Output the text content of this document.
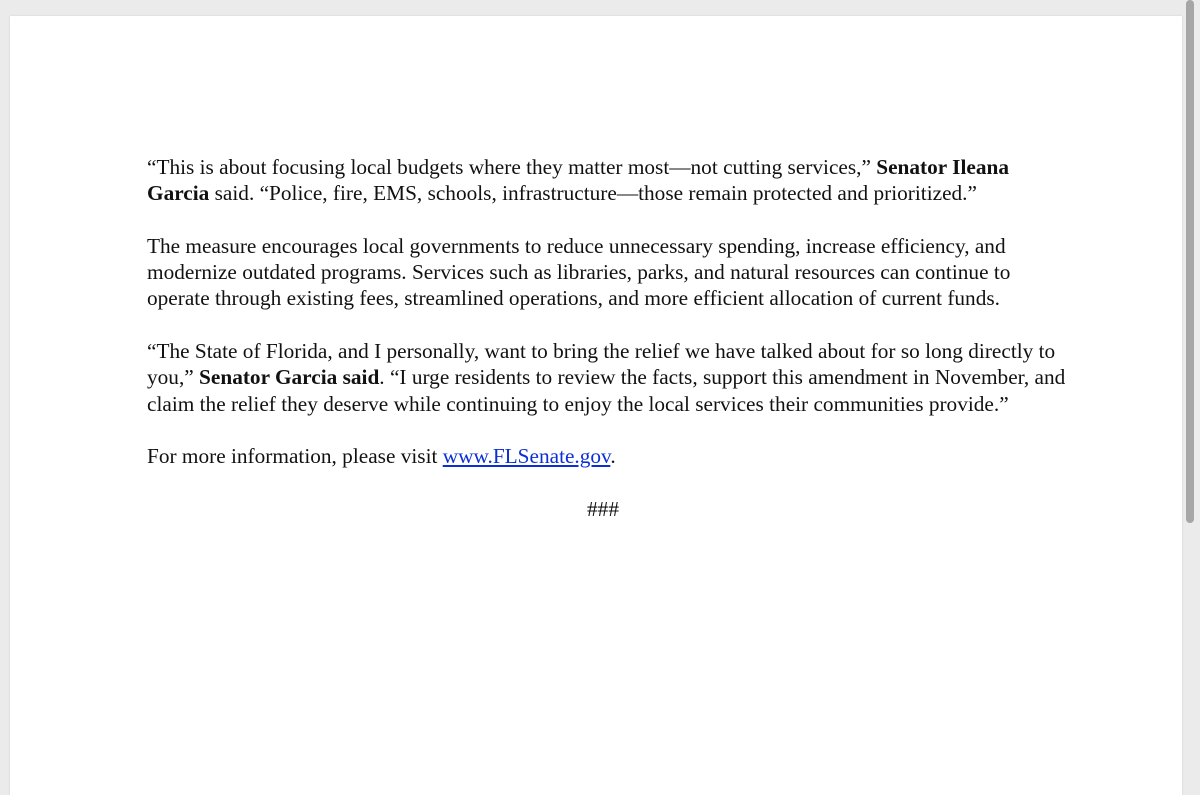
“This is about focusing local budgets where they matter most—not cutting services,” Senator Ileana Garcia said. “Police, fire, EMS, schools, infrastructure—those remain protected and prioritized.”

The measure encourages local governments to reduce unnecessary spending, increase efficiency, and modernize outdated programs. Services such as libraries, parks, and natural resources can continue to operate through existing fees, streamlined operations, and more efficient allocation of current funds.

“The State of Florida, and I personally, want to bring the relief we have talked about for so long directly to you,” Senator Garcia said. “I urge residents to review the facts, support this amendment in November, and claim the relief they deserve while continuing to enjoy the local services their communities provide.”

For more information, please visit www.FLSenate.gov.

###
